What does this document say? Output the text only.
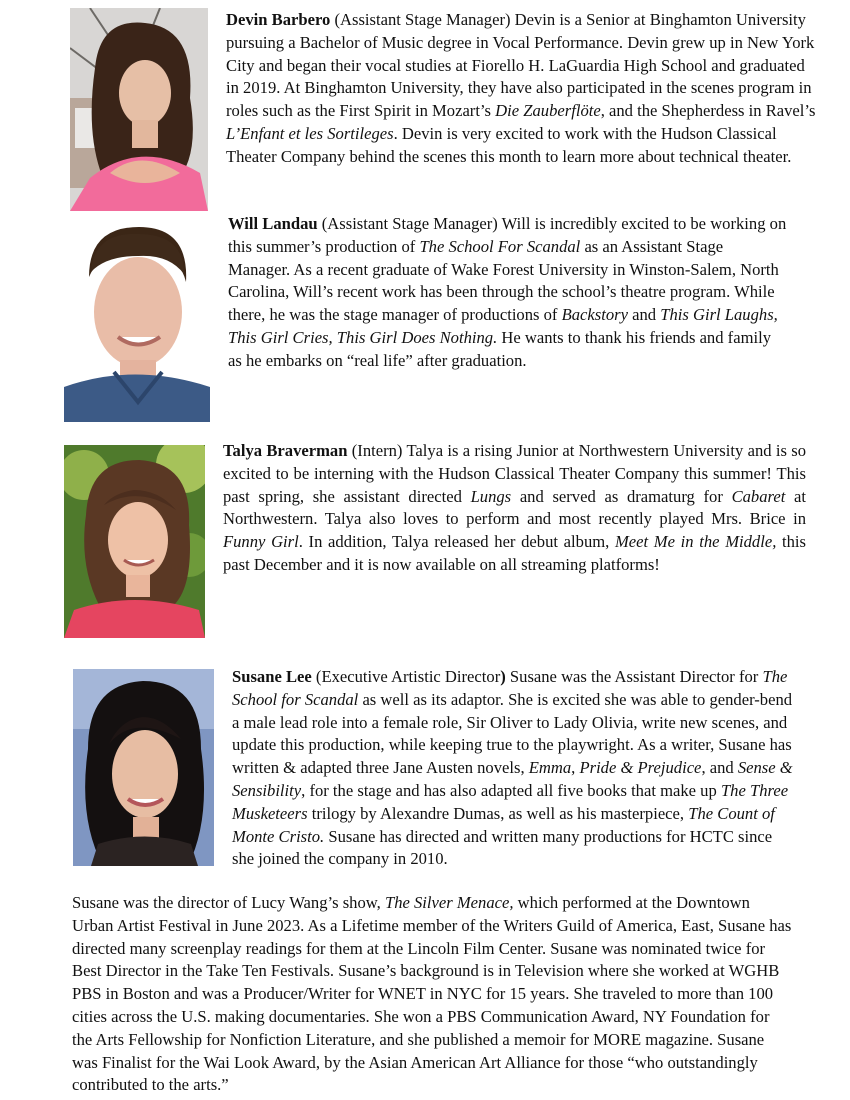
Devin Barbero (Assistant Stage Manager) Devin is a Senior at Binghamton University pursuing a Bachelor of Music degree in Vocal Performance. Devin grew up in New York City and began their vocal studies at Fiorello H. LaGuardia High School and graduated in 2019. At Binghamton University, they have also participated in the scenes program in roles such as the First Spirit in Mozart’s Die Zauberflöte, and the Shepherdess in Ravel’s L’Enfant et les Sortileges. Devin is very excited to work with the Hudson Classical Theater Company behind the scenes this month to learn more about technical theater.

Will Landau (Assistant Stage Manager) Will is incredibly excited to be working on this summer’s production of The School For Scandal as an Assistant Stage Manager. As a recent graduate of Wake Forest University in Winston-Salem, North Carolina, Will’s recent work has been through the school’s theatre program. While there, he was the stage manager of productions of Backstory and This Girl Laughs, This Girl Cries, This Girl Does Nothing. He wants to thank his friends and family as he embarks on “real life” after graduation.

Talya Braverman (Intern) Talya is a rising Junior at Northwestern University and is so excited to be interning with the Hudson Classical Theater Company this summer! This past spring, she assistant directed Lungs and served as dramaturg for Cabaret at Northwestern. Talya also loves to perform and most recently played Mrs. Brice in Funny Girl. In addition, Talya released her debut album, Meet Me in the Middle, this past December and it is now available on all streaming platforms!

Susane Lee (Executive Artistic Director) Susane was the Assistant Director for The School for Scandal as well as its adaptor. She is excited she was able to gender-bend a male lead role into a female role, Sir Oliver to Lady Olivia, write new scenes, and update this production, while keeping true to the playwright. As a writer, Susane has written & adapted three Jane Austen novels, Emma, Pride & Prejudice, and Sense & Sensibility, for the stage and has also adapted all five books that make up The Three Musketeers trilogy by Alexandre Dumas, as well as his masterpiece, The Count of Monte Cristo. Susane has directed and written many productions for HCTC since she joined the company in 2010.

Susane was the director of Lucy Wang’s show, The Silver Menace, which performed at the Downtown Urban Artist Festival in June 2023. As a Lifetime member of the Writers Guild of America, East, Susane has directed many screenplay readings for them at the Lincoln Film Center. Susane was nominated twice for Best Director in the Take Ten Festivals. Susane’s background is in Television where she worked at WGHB PBS in Boston and was a Producer/Writer for WNET in NYC for 15 years. She traveled to more than 100 cities across the U.S. making documentaries. She won a PBS Communication Award, NY Foundation for the Arts Fellowship for Nonfiction Literature, and she published a memoir for MORE magazine. Susane was Finalist for the Wai Look Award, by the Asian American Art Alliance for those “who outstandingly contributed to the arts.”
